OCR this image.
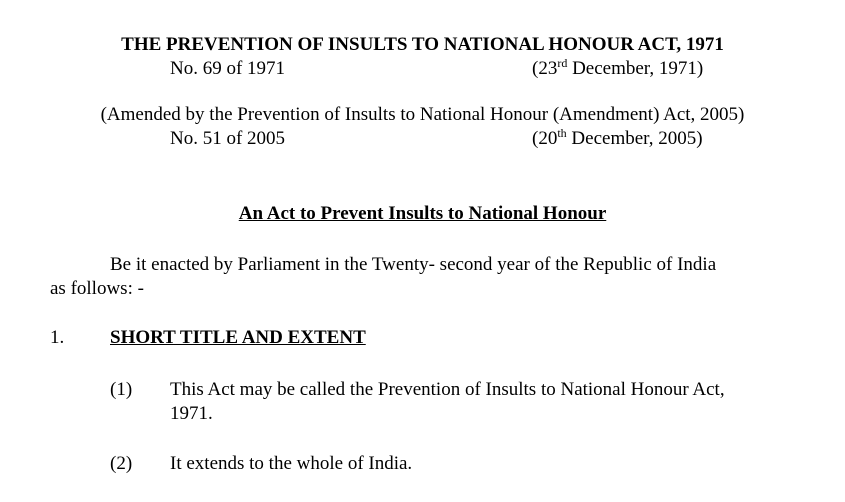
THE PREVENTION OF INSULTS TO NATIONAL HONOUR ACT, 1971
No. 69 of 1971	(23rd December, 1971)
(Amended by the Prevention of Insults to National Honour (Amendment) Act, 2005)
No. 51 of 2005	(20th December, 2005)
An Act to Prevent Insults to National Honour
Be it enacted by Parliament in the Twenty- second year of the Republic of India
as follows: -
1. SHORT TITLE AND EXTENT
(1) This Act may be called the Prevention of Insults to National Honour Act,
1971.
(2) It extends to the whole of India.
